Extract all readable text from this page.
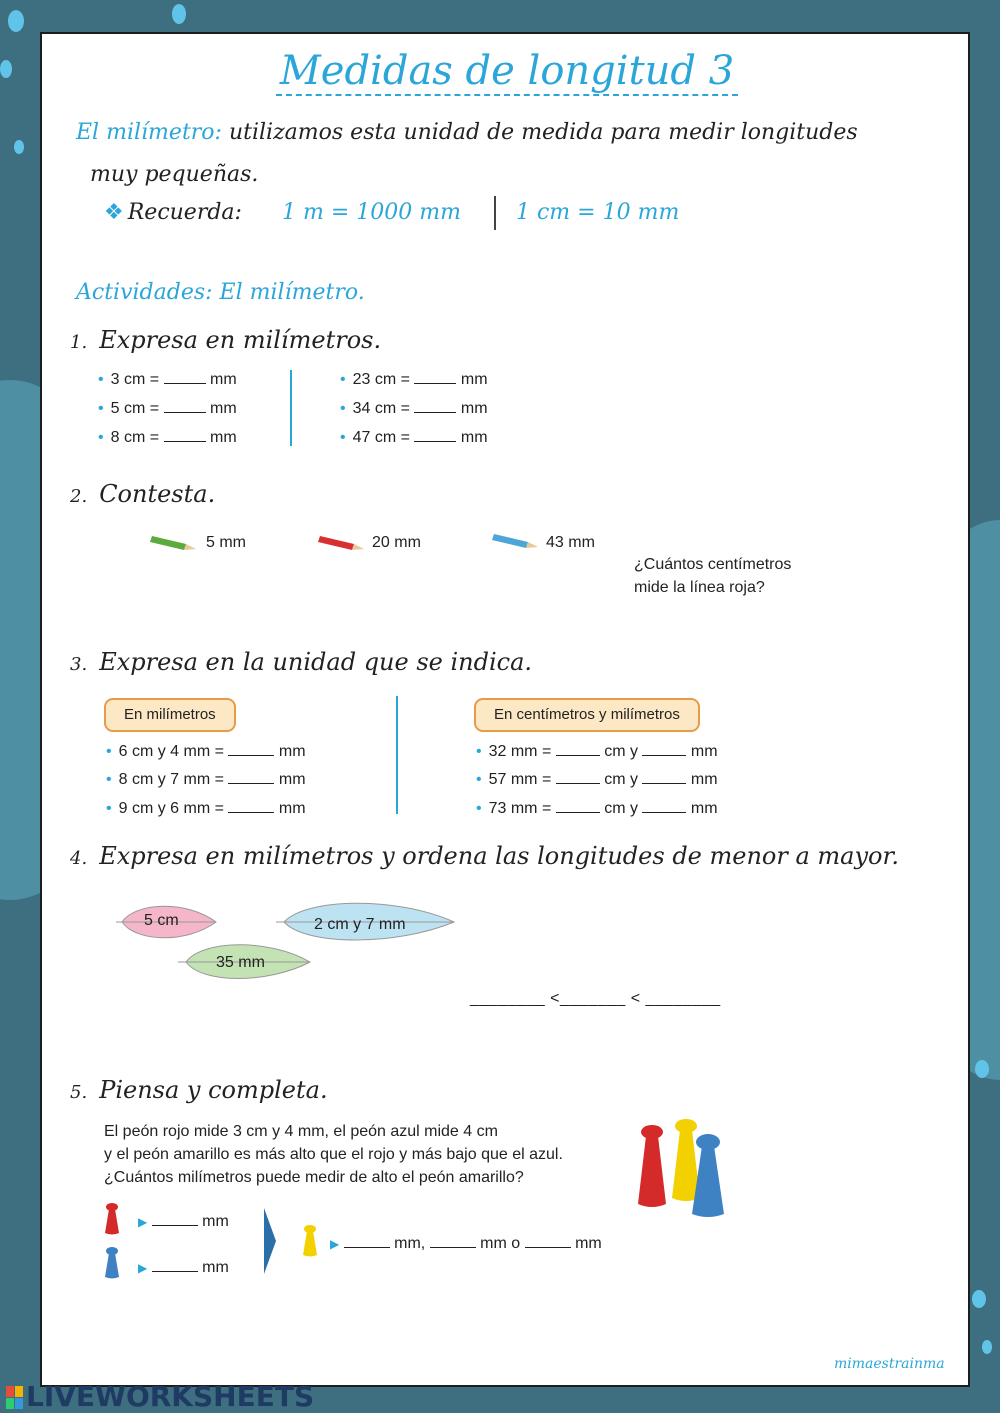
Medidas de longitud 3
El milímetro: utilizamos esta unidad de medida para medir longitudes
muy pequeñas.
❖ Recuerda: 1 m = 1000 mm	1 cm = 10 mm
Actividades: El milímetro.
1. Expresa en milímetros.
• 3 cm =	mm
• 5 cm =	mm
• 8 cm =	mm
• 23 cm =	mm
• 34 cm =	mm
• 47 cm =	mm
2. Contesta.
5 mm	20 mm	43 mm
¿Cuántos centímetros
mide la línea roja?
3. Expresa en la unidad que se indica.
En milímetros	En centímetros y milímetros
• 6 cm y 4 mm =	mm
• 8 cm y 7 mm =	mm
• 9 cm y 6 mm =	mm
• 32 mm =	cm y	mm
• 57 mm =	cm y	mm
• 73 mm =	cm y	mm
4. Expresa en milímetros y ordena las longitudes de menor a mayor.
5 cm	2 cm y 7 mm
35 mm
________ <_______ < ________
5. Piensa y completa.
El peón rojo mide 3 cm y 4 mm, el peón azul mide 4 cm
y el peón amarillo es más alto que el rojo y más bajo que el azul.
¿Cuántos milímetros puede medir de alto el peón amarillo?
▶	mm
▶	mm
▶	mm,	mm o	mm
mimaestrainma
LIVEWORKSHEETS
